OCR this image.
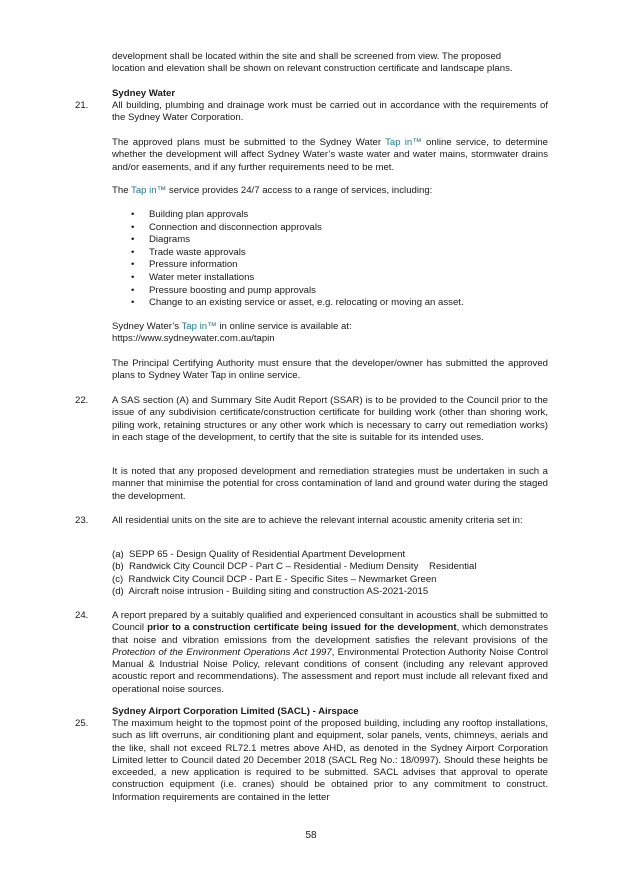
development shall be located within the site and shall be screened from view. The proposed
location and elevation shall be shown on relevant construction certificate and landscape plans.
Sydney Water
21. All building, plumbing and drainage work must be carried out in accordance with the requirements of the Sydney Water Corporation.
The approved plans must be submitted to the Sydney Water Tap in™ online service, to determine whether the development will affect Sydney Water’s waste water and water mains, stormwater drains and/or easements, and if any further requirements need to be met.
The Tap in™ service provides 24/7 access to a range of services, including:
• Building plan approvals
• Connection and disconnection approvals
• Diagrams
• Trade waste approvals
• Pressure information
• Water meter installations
• Pressure boosting and pump approvals
• Change to an existing service or asset, e.g. relocating or moving an asset.
Sydney Water’s Tap in™ in online service is available at:
https://www.sydneywater.com.au/tapin
The Principal Certifying Authority must ensure that the developer/owner has submitted the approved plans to Sydney Water Tap in online service.
22. A SAS section (A) and Summary Site Audit Report (SSAR) is to be provided to the Council prior to the issue of any subdivision certificate/construction certificate for building work (other than shoring work, piling work, retaining structures or any other work which is necessary to carry out remediation works) in each stage of the development, to certify that the site is suitable for its intended uses.
It is noted that any proposed development and remediation strategies must be undertaken in such a manner that minimise the potential for cross contamination of land and ground water during the staged the development.
23. All residential units on the site are to achieve the relevant internal acoustic amenity criteria set in:
(a)  SEPP 65 - Design Quality of Residential Apartment Development
(b)  Randwick City Council DCP - Part C – Residential - Medium Density    Residential
(c)  Randwick City Council DCP - Part E - Specific Sites – Newmarket Green
(d)  Aircraft noise intrusion - Building siting and construction AS-2021-2015
24. A report prepared by a suitably qualified and experienced consultant in acoustics shall be submitted to Council prior to a construction certificate being issued for the development, which demonstrates that noise and vibration emissions from the development satisfies the relevant provisions of the Protection of the Environment Operations Act 1997, Environmental Protection Authority Noise Control Manual & Industrial Noise Policy, relevant conditions of consent (including any relevant approved acoustic report and recommendations). The assessment and report must include all relevant fixed and operational noise sources.
Sydney Airport Corporation Limited (SACL) - Airspace
25. The maximum height to the topmost point of the proposed building, including any rooftop installations, such as lift overruns, air conditioning plant and equipment, solar panels, vents, chimneys, aerials and the like, shall not exceed RL72.1 metres above AHD, as denoted in the Sydney Airport Corporation Limited letter to Council dated 20 December 2018 (SACL Reg No.: 18/0997). Should these heights be exceeded, a new application is required to be submitted. SACL advises that approval to operate construction equipment (i.e. cranes) should be obtained prior to any commitment to construct. Information requirements are contained in the letter
58
